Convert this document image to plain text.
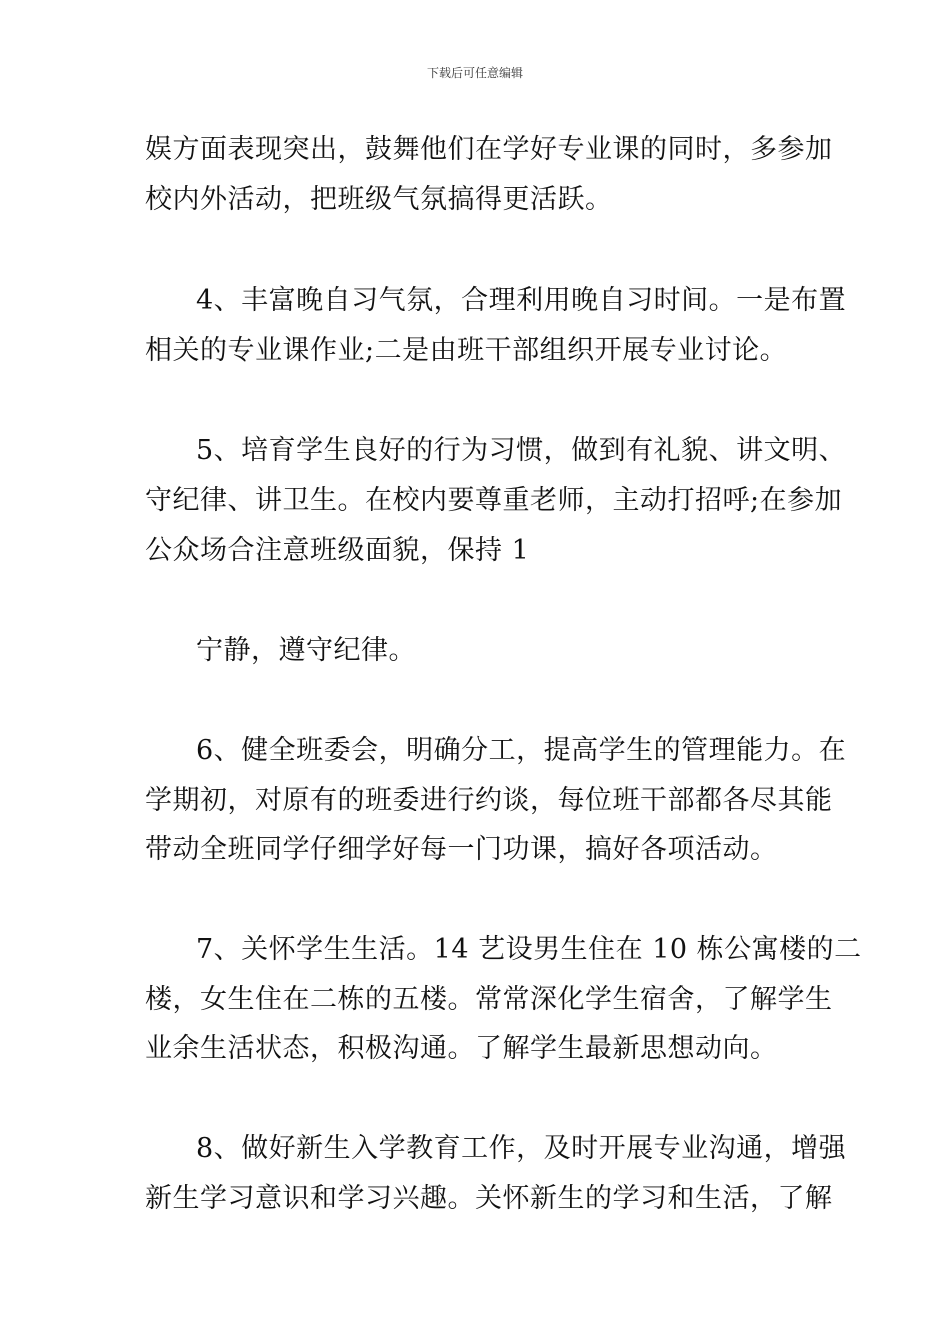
下载后可任意编辑
娱方面表现突出，鼓舞他们在学好专业课的同时，多参加
校内外活动，把班级气氛搞得更活跃。
4、丰富晚自习气氛，合理利用晚自习时间。一是布置
相关的专业课作业;二是由班干部组织开展专业讨论。
5、培育学生良好的行为习惯，做到有礼貌、讲文明、
守纪律、讲卫生。在校内要尊重老师，主动打招呼;在参加
公众场合注意班级面貌，保持 1
宁静，遵守纪律。
6、健全班委会，明确分工，提高学生的管理能力。在
学期初，对原有的班委进行约谈，每位班干部都各尽其能
带动全班同学仔细学好每一门功课，搞好各项活动。
7、关怀学生生活。14 艺设男生住在 10 栋公寓楼的二
楼，女生住在二栋的五楼。常常深化学生宿舍，了解学生
业余生活状态，积极沟通。了解学生最新思想动向。
8、做好新生入学教育工作，及时开展专业沟通，增强
新生学习意识和学习兴趣。关怀新生的学习和生活，了解
